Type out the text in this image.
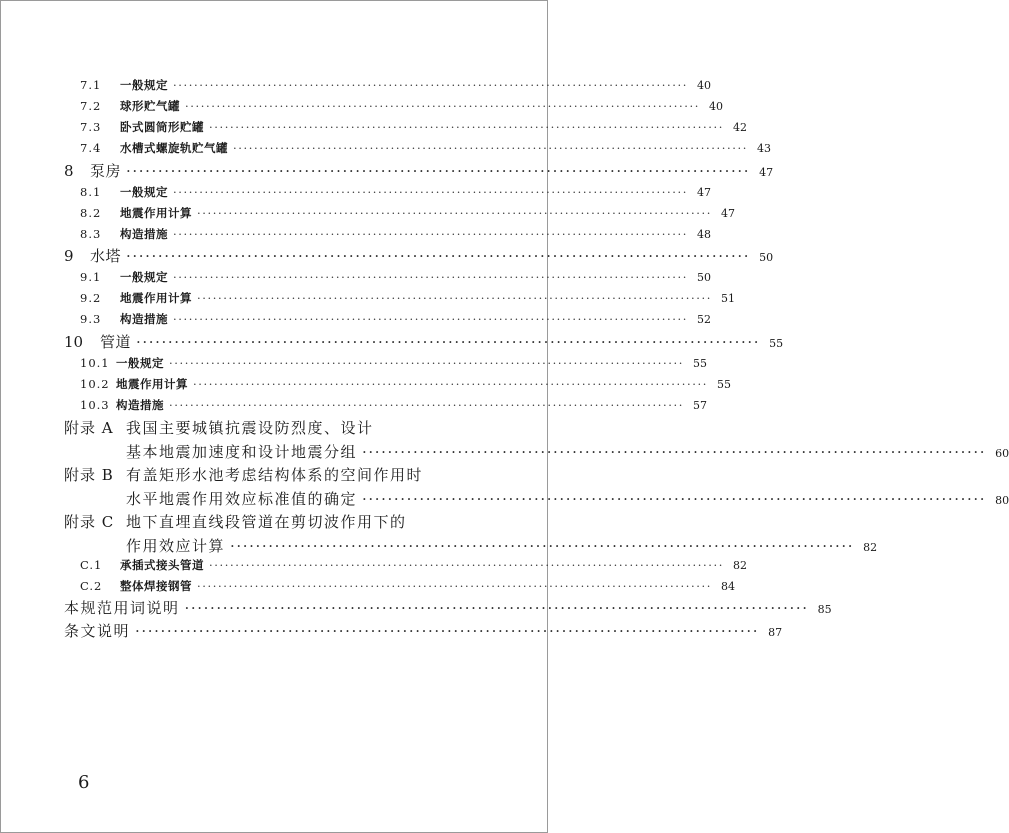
7.1	一般规定 ·································································································· 40
7.2	球形贮气罐 ·································································································· 40
7.3	卧式圆筒形贮罐 ·································································································· 42
7.4	水槽式螺旋轨贮气罐 ·································································································· 43
8	泵房 ·································································································· 47
8.1	一般规定 ·································································································· 47
8.2	地震作用计算 ·································································································· 47
8.3	构造措施 ·································································································· 48
9	水塔 ·································································································· 50
9.1	一般规定 ·································································································· 50
9.2	地震作用计算 ·································································································· 51
9.3	构造措施 ·································································································· 52
10	管道 ·································································································· 55
10.1 一般规定 ·································································································· 55
10.2 地震作用计算 ·································································································· 55
10.3 构造措施 ·································································································· 57
附录 A 我国主要城镇抗震设防烈度、设计
基本地震加速度和设计地震分组 ·································································································· 60
附录 B 有盖矩形水池考虑结构体系的空间作用时
水平地震作用效应标准值的确定 ·································································································· 80
附录 C 地下直埋直线段管道在剪切波作用下的
作用效应计算 ·································································································· 82
C.1	承插式接头管道 ·································································································· 82
C.2	整体焊接钢管 ·································································································· 84
本规范用词说明 ·································································································· 85
条文说明 ·································································································· 87
6
